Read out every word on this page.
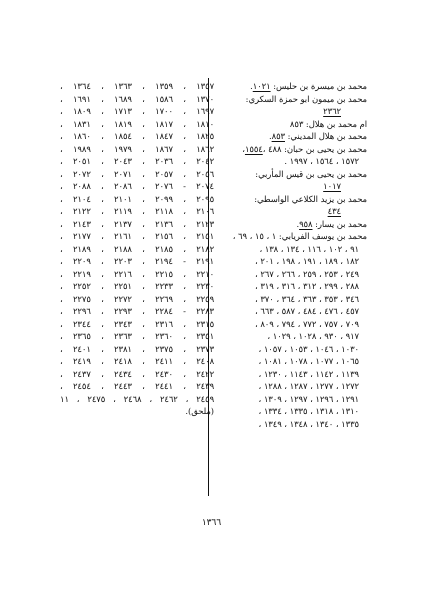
محمد بن ميسرة بن حليس: ١٠٢١.
محمد بن ميمون ابو حمزة السكري:
٢٣٦٢
ام محمد بن هلال: ٨٥٣
محمد بن هلال المديني: ٨٥٣.
محمد بن يحيى بن حبان: ٤٨٨ ،١٥٥٤،
١٥٧٢ ، ١٥٦٤ ، ١٩٩٧ .
محمد بن يحيى بن قيس المأربي:
١٠١٧
محمد بن يزيد الكلاعي الواسطي:
٤٣٤
محمد بن يسار: ٩٥٨.
محمد بن يوسف الفريابي: ١ ، ١٥ ، ٦٩ ،
٩١ ، ١٠٢ ، ١١٦ ، ١٣٤ ، ١٣٨ ،
١٨٢ ، ١٨٩ ، ١٩١ ، ١٩٨ ، ٢٠١ ،
٢٤٩ ، ٢٥٣ ، ٢٥٩ ، ٢٦٦ ، ٢٦٧ ،
٢٨٨ ، ٢٩٩ ، ٣١٢ ، ٣١٦ ، ٣١٩ ،
٣٤٦ ، ٣٥٣ ، ٣٦٣ ، ٣٦٤ ، ٣٧٠ ،
٤٥٧ ، ٤٧٦ ، ٤٨٤ ، ٥٨٧ ، ٦٦٣ ،
٧٠٩ ، ٧٥٧ ، ٧٧٢ ، ٧٩٤ ، ٨٠٩ ،
٩١٧ ، ٩٣٠ ، ١٠٢٨ ، ١٠٢٩ ،
١٠٣٠ ، ١٠٤٦ ، ١٠٥٣ ، ١٠٥٧ ،
١٠٦٥ ، ١٠٧٧ ، ١٠٧٨ ، ١٠٨١ ،
١١٣٩ ، ١١٤٢ ، ١١٤٣ ، ١٢٣٠ ،
١٢٧٢ ، ١٢٧٧ ، ١٢٨٧ ، ١٢٨٨ ،
١٢٩١ ، ١٢٩٦ ، ١٢٩٧ ، ١٣٠٩ ،
١٣١٠ ، ١٣١٨ ، ١٣٣٥ ، ١٣٣٤ ،
١٣٣٥ ، ١٣٤٠ ، ١٣٤٨ ، ١٣٤٩ ،
١٣٥٧ ، ١٣٥٩ ، ١٣٦٣ ، ١٣٦٤ ،
١٣٧٠ ، ١٥٨٦ ، ١٦٨٩ ، ١٦٩١ ،
١٦٩٧ ، ١٧٠٠ ، ١٧١٣ ، ١٨٠٩ ،
١٨١٠ ، ١٨١٧ ، ١٨١٩ ، ١٨٣١ ،
١٨٢٥ ، ١٨٤٧ ، ١٨٥٤ ، ١٨٦٠ ،
١٨٦٢ ، ١٨٦٧ ، ١٩٧٩ ، ١٩٨٩ ،
٢٠٤٢ ، ٢٠٣٦ ، ٢٠٤٣ ، ٢٠٥١ ،
٢٠٥٦ ، ٢٠٥٧ ، ٢٠٧١ ، ٢٠٧٢ ،
٢٠٧٤ - ٢٠٧٦ ، ٢٠٨٦ ، ٢٠٨٨ ،
٢٠٩٥ ، ٢٠٩٩ ، ٢١٠١ ، ٢١٠٤ ،
٢١٠٦ ، ٢١١٨ ، ٢١١٩ ، ٢١٢٢ ،
٢١٢٣ ، ٢١٣٦ ، ٢١٣٧ ، ٢١٤٣ ،
٢١٥١ ، ٢١٥٦ ، ٢١٦١ ، ٢١٧٧ ،
٢١٨٢ ، ٢١٨٥ ، ٢١٨٨ ، ٢١٨٩ ،
٢١٩١ - ٢١٩٤ ، ٢٢٠٣ ، ٢٢٠٩ ،
٢٢١٠ ، ٢٢١٥ ، ٢٢١٦ ، ٢٢١٩ ،
٢٢٣٠ ، ٢٢٣٣ ، ٢٢٥١ ، ٢٢٥٢ ،
٢٢٥٩ ، ٢٢٦٩ ، ٢٢٧٢ ، ٢٢٧٥ ،
٢٢٨٣ - ٢٢٨٤ ، ٢٢٩٣ ، ٢٢٩٦ ،
٢٣١٥ ، ٢٣١٦ ، ٢٣٤٣ ، ٢٣٤٤ ،
٢٣٥١ ، ٢٣٦٠ ، ٢٣٦٣ ، ٢٣٦٥ ،
٢٣٧٣ ، ٢٣٧٥ ، ٢٣٨١ ، ٢٤٠١ ،
٢٤٠٨ ، ٢٤١١ ، ٢٤١٨ ، ٢٤١٩ ،
٢٤٢٢ ، ٢٤٣٠ ، ٢٤٣٤ ، ٢٤٣٧ ،
٢٤٣٩ ، ٢٤٤١ ، ٢٤٤٣ ، ٢٤٥٤ ،
٢٤٥٩ ، ٢٤٦٢ ، ٢٤٦٨ ، ٢٤٧٥ ، ١١
(ملحق).
١٣٦٦
